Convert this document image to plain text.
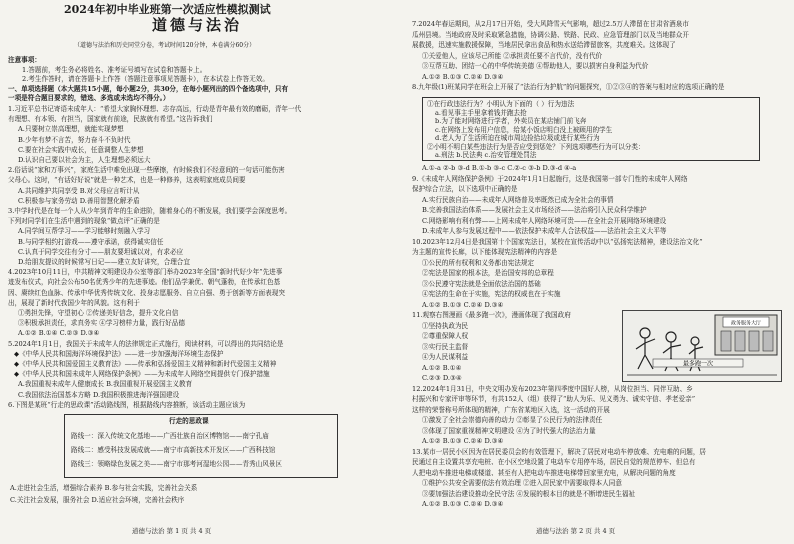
2024年初中毕业班第一次适应性模拟测试
道德与法治
（道德与法治和历史同堂分卷，考试时间120分钟，本卷满分60分）
注意事项：
1.答题前，考生务必将姓名、准考证号填写在试卷和答题卡上。
2.考生作答时，请在答题卡上作答（答题注意事项见答题卡），在本试卷上作答无效。
一、单项选择题（本大题共15小题，每小题2分，共30分，在每小题列出的四个备选项中，只有
一项是符合题目要求的，错选、多选或未选均不得分。）
1.习近平总书记寄语未成年人：“希望大家胸怀理想、志存高远，行动是青年最有效的磨砺，青年一代
有理想、有本领、有担当，国家就有前途，民族就有希望。”这告诉我们
A.只要树立崇高理想，就能实现梦想
B.少年有梦不言苦，努力奋斗不负时代
C.要在社会实践中成长，任意调整人生梦想
D.认识自己要以社会为主，人生理想必须远大
2.俗话说“家和万事兴”，家庭生活中难免出现一些摩擦，有时候我们不经意间的一句话可能伤害
父母心。这时，“有话好好说”就是一种艺术，也是一种修养，这表明家庭成员间要
A.共同维护共同享受 B.对父母应言听计从
C.积极参与家务劳动 D.善用智慧化解矛盾
3.中学时代是在每一个人从少年到青年的生命进阶，随着身心的不断发展，我们要学会深度思考。
下列对同学们在生活中遇到的现象“做点评”正确的是
A.同学间互帮学习——学习能够时刻融入学习
B.与同学相约打游戏——遵守承诺，获得诚实信任
C.认真于同学交往有分寸——朋友要坦诚以对，有求必应
D.给朋友提议的时候常写日记——建立友好讲究，合理合宜
4.2023年10月11日，中共精神文明建设办公室等部门举办2023年全国“新时代好少年”先进事
迹发布仪式，向社会公布50名优秀少年的先进事迹。他们品学兼优、朝气蓬勃，在传承红色基
因、赓续红色血脉、传承中华优秀传统文化、投身志愿服务、自立自强、勇于创新等方面表现突
出，展现了新时代我国少年的风貌。这有利于
①勇担先锋，守望初心 ②传递美好信念，提升文化自信
③积极承担责任，求真务实 ④学习榜样力量，践行好品德
A.①② B.①④ C.②③ D.③④
5.2024年1月1日，我国关于未成年人的法律规定正式施行，阅读材料，可以得出的共同结论是
◆《中华人民共和国海洋环境保护法》——进一步加强海洋环境生态保护
◆《中华人民共和国爱国主义教育法》——传承和弘扬爱国主义精神和新时代爱国主义精神
◆《中华人民共和国未成年人网络保护条例》——为未成年人网络空间提供专门保护措施
A.我国重视未成年人健康成长 B.我国重视开展爱国主义教育
C.我国依法治国基本方略 D.我国积极推进海洋强国建设
6.下图是某班“行走的思政课”活动路线图，根据路线内容推断，该活动主题应该为
行走的思政课
路线一：深入传统文化基地——广西壮族自治区博物馆——南宁孔庙
路线二：感受科技发展成就——南宁市高新技术开发区——广西科技馆
路线三：领略绿色发展之美——南宁市那考河湿地公园——青秀山风景区
A.走进社会生活，增强综合素养 B.参与社会实践，完善社会关系
C.关注社会发展，服务社会 D.适应社会环境，完善社会秩序
道德与法治 第 1 页 共 4 页
7.2024年春运期间，从2月17日开始，受大风降雪天气影响，超过2.5万人滞留在甘肃省酒泉市
瓜州县境。当地政府及时采取紧急措施，协调公路、铁路、民政、应急管理部门以及当地群众开
展救援，迅速实施救援保障，当地居民拿出食品和热水送给滞留旅客，共度难关。这体现了
①关爱他人，应该尽己所能 ②承担责任要不言代价，没有代价
③互帮互助、团结一心的中华传统美德 ④帮助他人，要以损害自身利益为代价
A.①② B.①③ C.②④ D.③④
8.九年级(1)班某同学在班会上开展了“法治行为护航”的问题探究，①②③④的答案与相对应的选项正确的是
①在行政违法行为？小明认为下面的（ ）行为违法
a.看见事主手里拿着钱并跑去抢
b.为了能对网络进行学者，外卖员在某店铺门前飞奔
c.在网络上发布用户信息，给某小饭店明白没上被顾用的学生
d.老人为了生活所迫在城市周边捡拾垃圾或进行某些行为
②小明不明白某些违法行为是否应受到惩处？下列选项哪些行为可以分类：
a.刑法 b.民法典 c.治安管理处罚法
A.①-a ②-b ③-d B.①-b ③-c C.②-c ③-b D.③-d ④-a
9.《未成年人网络保护条例》于2024年1月1日起施行，这是我国第一部专门性的未成年人网络
保护综合立法，以下选项中正确的是
A.实行民族自治——未成年人网络普及率既然已成为全社会的事情
B.完善我国法治体系——发展社会主义市场经济——法治将引入民众科学维护
C.网络影响有利有弊——上网未成年人网络环境可贵——在全社会开展网络环境建设
D.未成年人参与发展过程中——依法保护未成年人合法权益——法治社会主义大平等
10.2023年12月4日是我国第十个国家宪法日，某校在宣传活动中以“弘扬宪法精神，建设法治文化”
为主题的宣传长廊，以下能体现宪法精神的内容是
①公民的所有权利和义务都由宪法规定
②宪法是国家的根本法，是治国安邦的总章程
③公民遵守宪法就是全面依法治国的基础
④宪法的生命在于实施，宪法的权威也在于实施
A.①② B.①③ C.②④ D.③④
11.观察右图漫画《最多跑一次》，漫画体现了我国政府
①坚持执政为民
②尊重保障人权
③实行民主监督
④为人民谋利益
A.①② B.①④
C.②③ D.③④
12.2024年1月31日，中央文明办发布2023年第四季度中国好人榜，从岗位担当、同伴互助、乡
村振兴和专家评审等环节，有共152人（组）获得了“助人为乐、见义勇为、诚实守信、孝老爱亲”
这样的荣誉称号所体现的精神，广东省某地区入选，这一活动的开展
①激发了全社会崇德向善的动力 ②彰显了公民行为的法律责任
③体现了国家重视精神文明建设 ④为了时代强大的法治力量
A.①② B.①③ C.②④ D.③④
13.某市一居民小区因为在居民委员会的有效管理下，解决了居民对电动车停放难、充电难的问题，居
民通过自主设置共享充电桩、在小区空地设置了电动车专用停车场，居民自觉的规范停车、但总有
人把电动车推进电梯或楼道、甚至有人把电动车推进电梯带回家里充电，从解决问题的角度
①维护公共安全需要依法有效治理 ②进入居民家中需要取得本人同意
③要加强法治建设推动全民守法 ④发展的根本目的就是不断增进民生福祉
A.①② B.①③ C.②④ D.③④
最多跑一次
政务服务大厅
道德与法治 第 2 页 共 4 页
